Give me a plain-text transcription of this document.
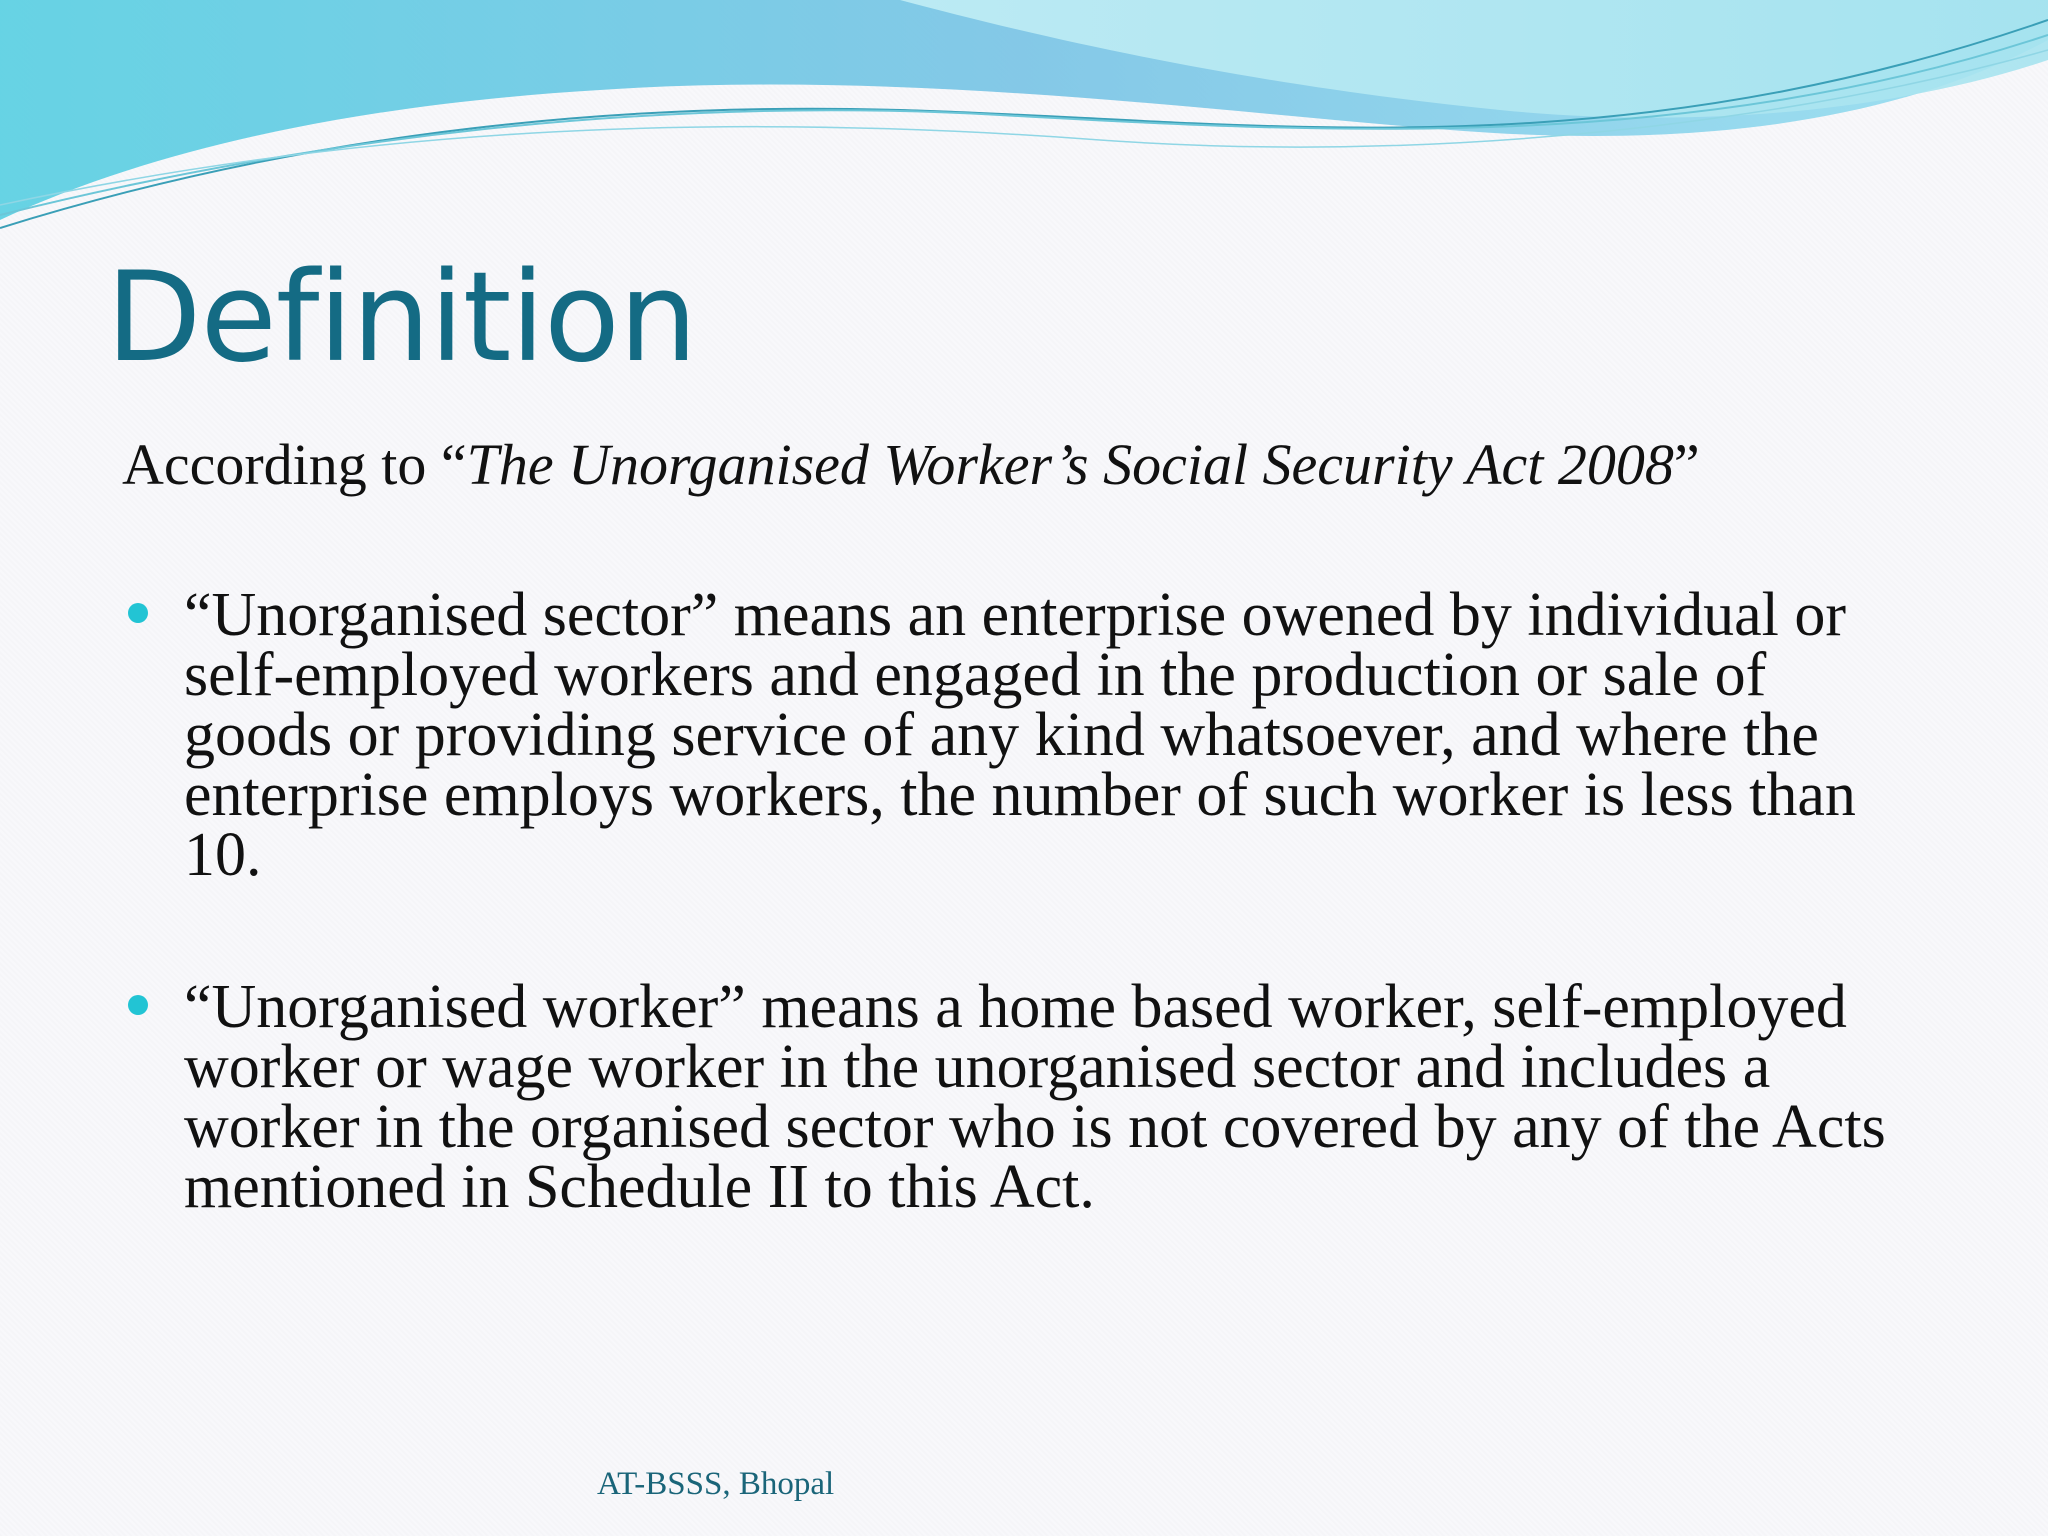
Definition
According to “The Unorganised Worker’s Social Security Act 2008”
“Unorganised sector” means an enterprise owened by individual or self-employed workers and engaged in the production or sale of goods or providing service of any kind whatsoever, and where the enterprise employs workers, the number of such worker is less than 10.
“Unorganised worker” means a home based worker, self-employed worker or wage worker in the unorganised sector and includes a worker in the organised sector who is not covered by any of the Acts mentioned in Schedule II to this Act.
AT-BSSS, Bhopal
